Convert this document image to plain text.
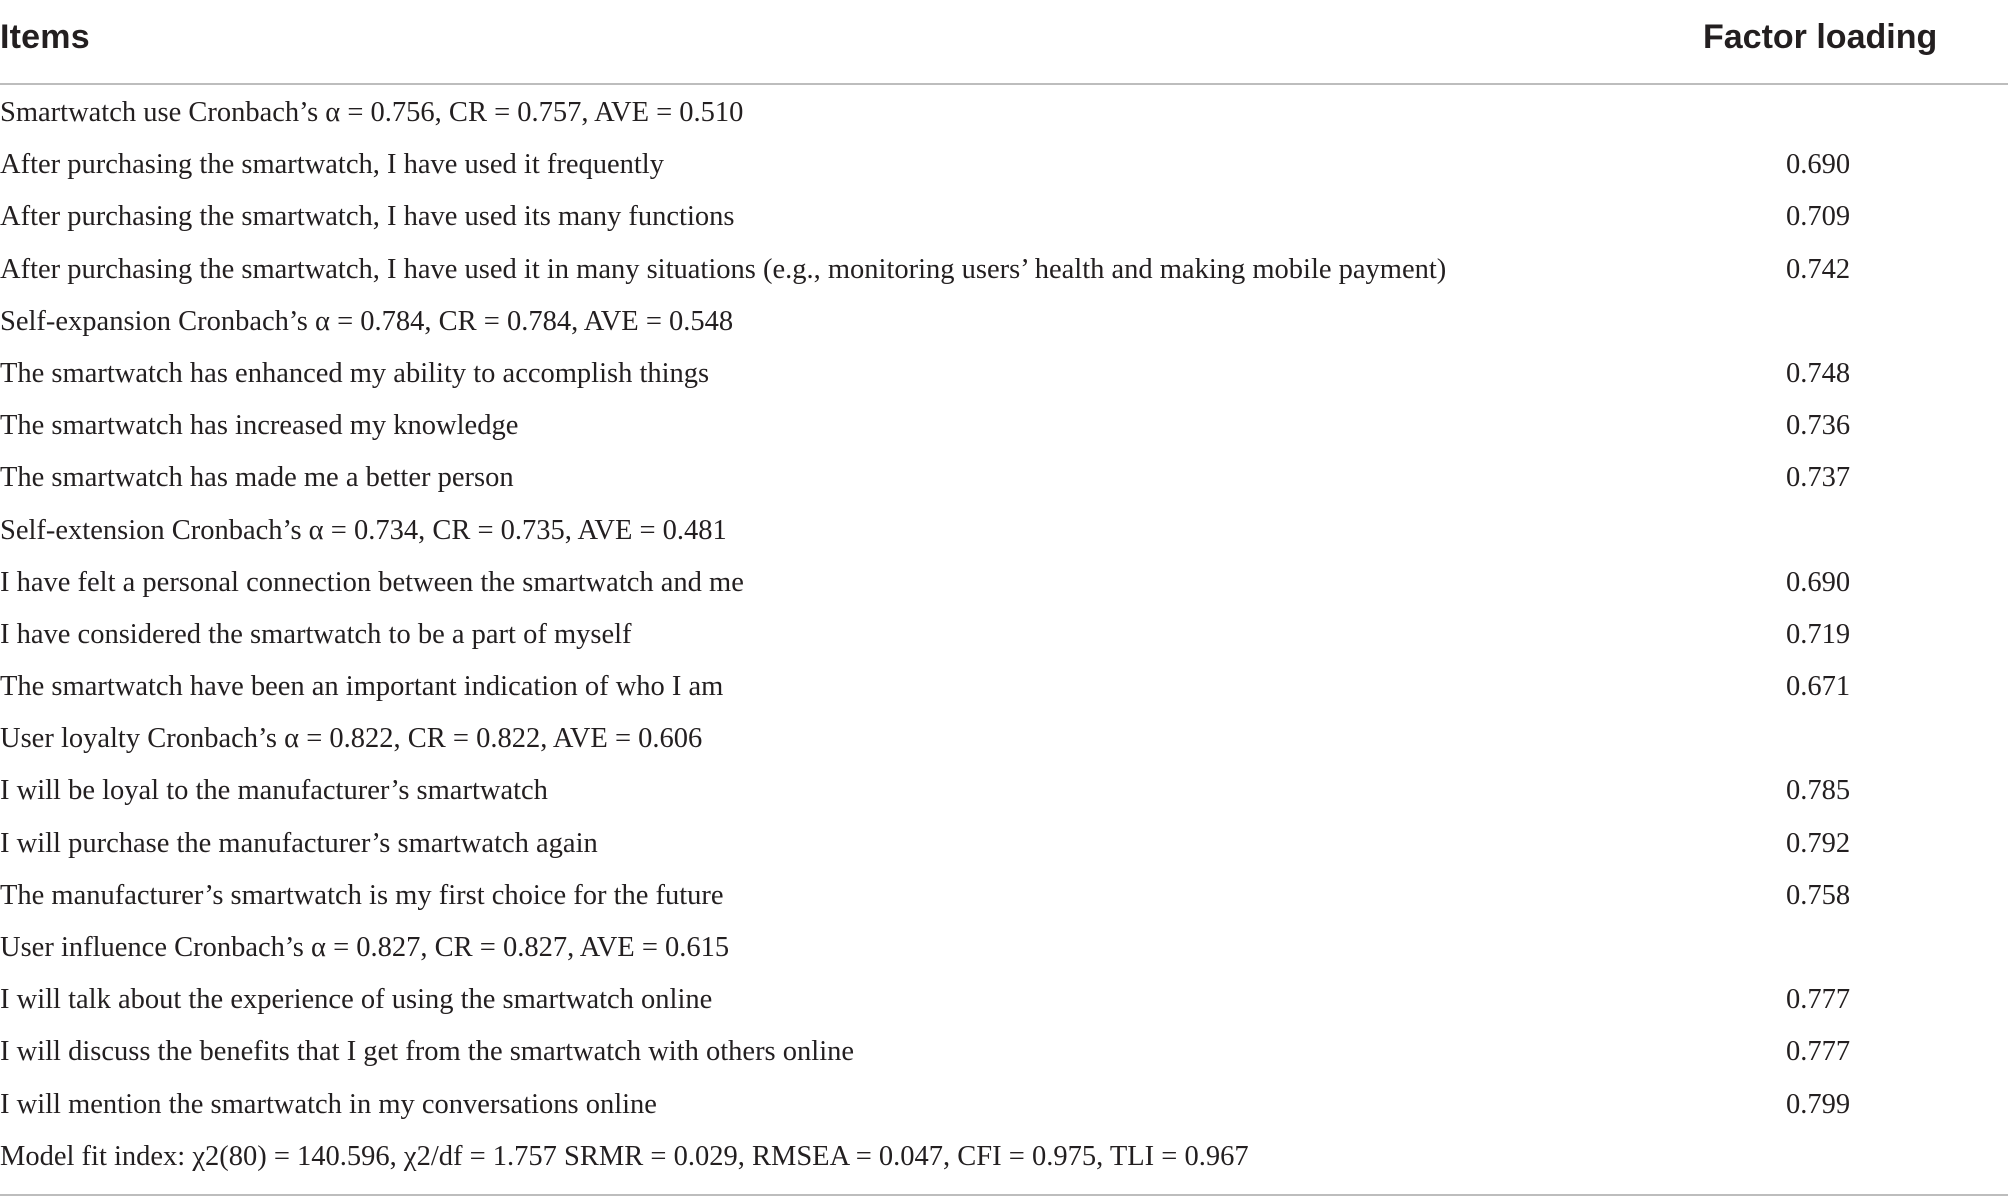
Items	Factor loading
Smartwatch use Cronbach’s α = 0.756, CR = 0.757, AVE = 0.510
After purchasing the smartwatch, I have used it frequently	0.690
After purchasing the smartwatch, I have used its many functions	0.709
After purchasing the smartwatch, I have used it in many situations (e.g., monitoring users’ health and making mobile payment)	0.742
Self-expansion Cronbach’s α = 0.784, CR = 0.784, AVE = 0.548
The smartwatch has enhanced my ability to accomplish things	0.748
The smartwatch has increased my knowledge	0.736
The smartwatch has made me a better person	0.737
Self-extension Cronbach’s α = 0.734, CR = 0.735, AVE = 0.481
I have felt a personal connection between the smartwatch and me	0.690
I have considered the smartwatch to be a part of myself	0.719
The smartwatch have been an important indication of who I am	0.671
User loyalty Cronbach’s α = 0.822, CR = 0.822, AVE = 0.606
I will be loyal to the manufacturer’s smartwatch	0.785
I will purchase the manufacturer’s smartwatch again	0.792
The manufacturer’s smartwatch is my first choice for the future	0.758
User influence Cronbach’s α = 0.827, CR = 0.827, AVE = 0.615
I will talk about the experience of using the smartwatch online	0.777
I will discuss the benefits that I get from the smartwatch with others online	0.777
I will mention the smartwatch in my conversations online	0.799
Model fit index: χ2(80) = 140.596, χ2/df = 1.757 SRMR = 0.029, RMSEA = 0.047, CFI = 0.975, TLI = 0.967
